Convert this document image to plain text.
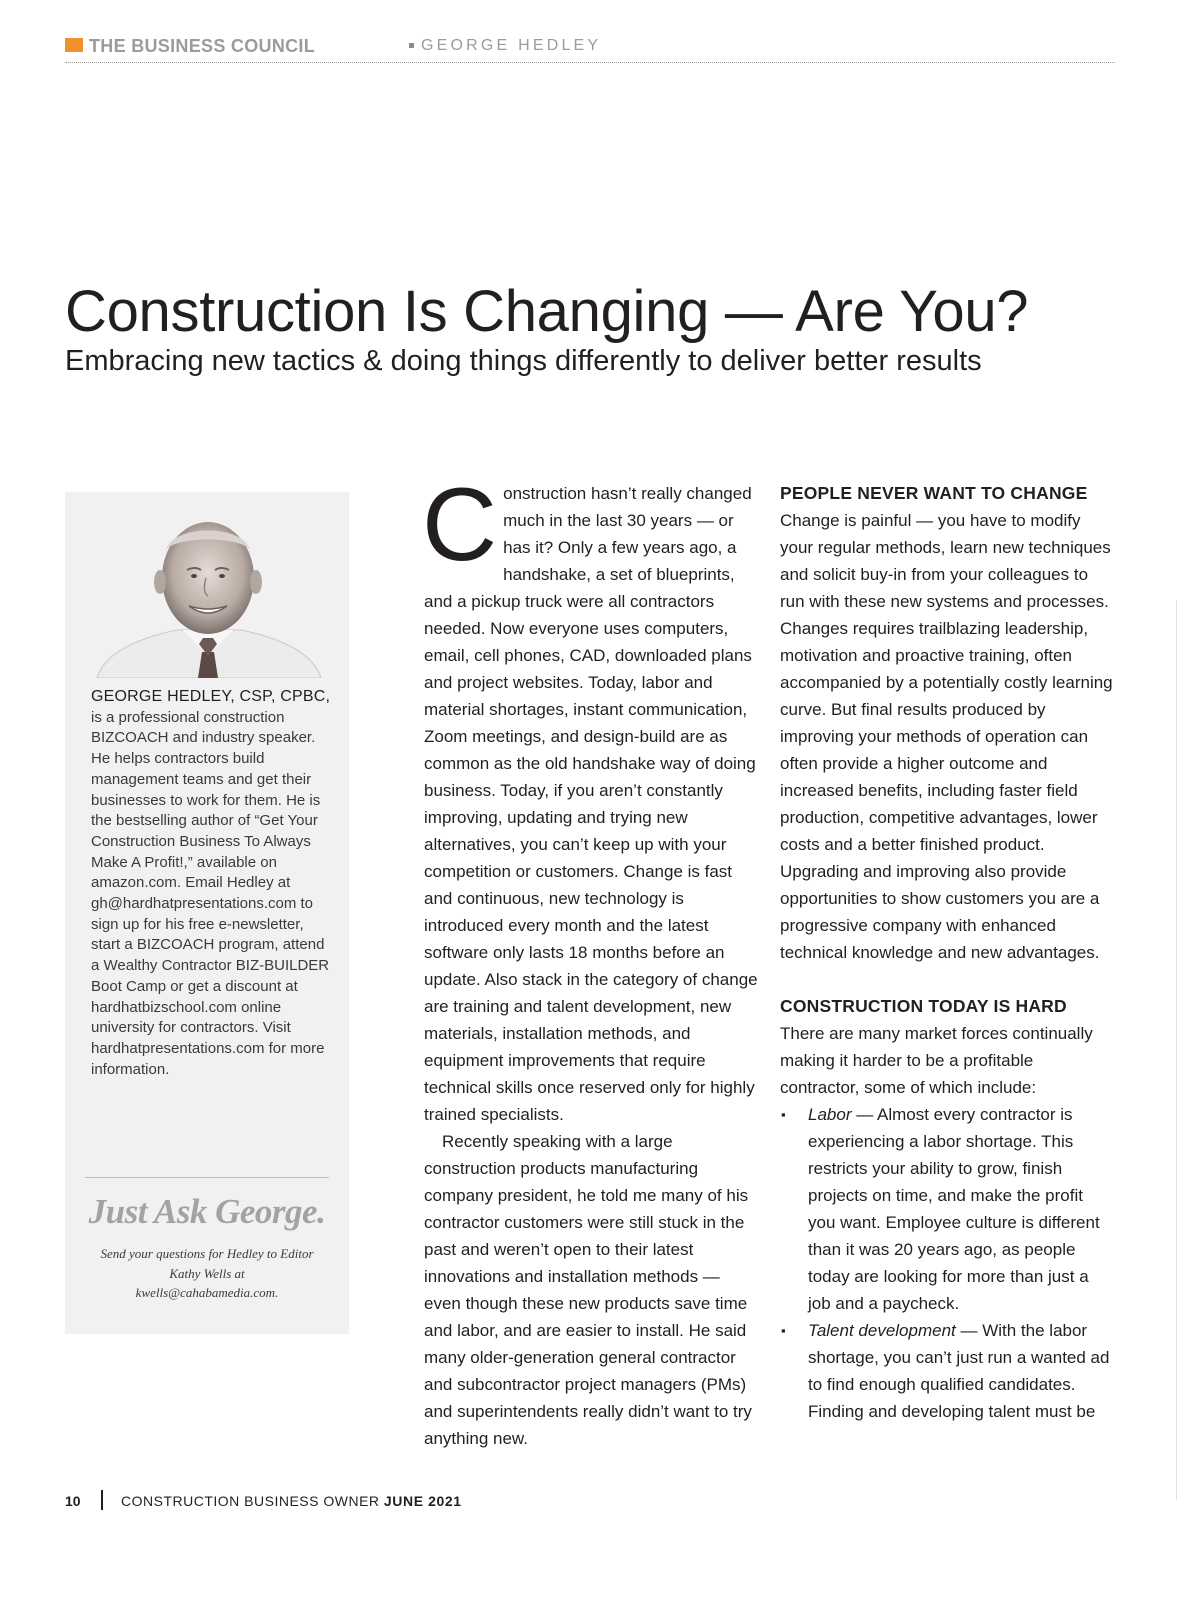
THE BUSINESS COUNCIL	GEORGE HEDLEY
Construction Is Changing — Are You?
Embracing new tactics & doing things differently to deliver better results

GEORGE HEDLEY, CSP, CPBC, is a professional construction BIZCOACH and industry speaker. He helps contractors build management teams and get their businesses to work for them. He is the bestselling author of “Get Your Construction Business To Always Make A Profit!,” available on amazon.com. Email Hedley at gh@hardhatpresentations.com to sign up for his free e-newsletter, start a BIZCOACH program, attend a Wealthy Contractor BIZ-BUILDER Boot Camp or get a discount at hardhatbizschool.com online university for contractors. Visit hardhatpresentations.com for more information.

Just Ask George.

Send your questions for Hedley to Editor Kathy Wells at kwells@cahabamedia.com.

Construction hasn’t really changed much in the last 30 years — or has it? Only a few years ago, a handshake, a set of blueprints, and a pickup truck were all contractors needed. Now everyone uses computers, email, cell phones, CAD, downloaded plans and project websites. Today, labor and material shortages, instant communication, Zoom meetings, and design-build are as common as the old handshake way of doing business. Today, if you aren’t constantly improving, updating and trying new alternatives, you can’t keep up with your competition or customers. Change is fast and continuous, new technology is introduced every month and the latest software only lasts 18 months before an update. Also stack in the category of change are training and talent development, new materials, installation methods, and equipment improvements that require technical skills once reserved only for highly trained specialists.

Recently speaking with a large construction products manufacturing company president, he told me many of his contractor customers were still stuck in the past and weren’t open to their latest innovations and installation methods — even though these new products save time and labor, and are easier to install. He said many older-generation general contractor and subcontractor project managers (PMs) and superintendents really didn’t want to try anything new.

PEOPLE NEVER WANT TO CHANGE

Change is painful — you have to modify your regular methods, learn new techniques and solicit buy-in from your colleagues to run with these new systems and processes. Changes requires trailblazing leadership, motivation and proactive training, often accompanied by a potentially costly learning curve. But final results produced by improving your methods of operation can often provide a higher outcome and increased benefits, including faster field production, competitive advantages, lower costs and a better finished product. Upgrading and improving also provide opportunities to show customers you are a progressive company with enhanced technical knowledge and new advantages.

CONSTRUCTION TODAY IS HARD

There are many market forces continually making it harder to be a profitable contractor, some of which include:

▪ Labor — Almost every contractor is experiencing a labor shortage. This restricts your ability to grow, finish projects on time, and make the profit you want. Employee culture is different than it was 20 years ago, as people today are looking for more than just a job and a paycheck.
▪ Talent development — With the labor shortage, you can’t just run a wanted ad to find enough qualified candidates. Finding and developing talent must be
10	CONSTRUCTION BUSINESS OWNER JUNE 2021
